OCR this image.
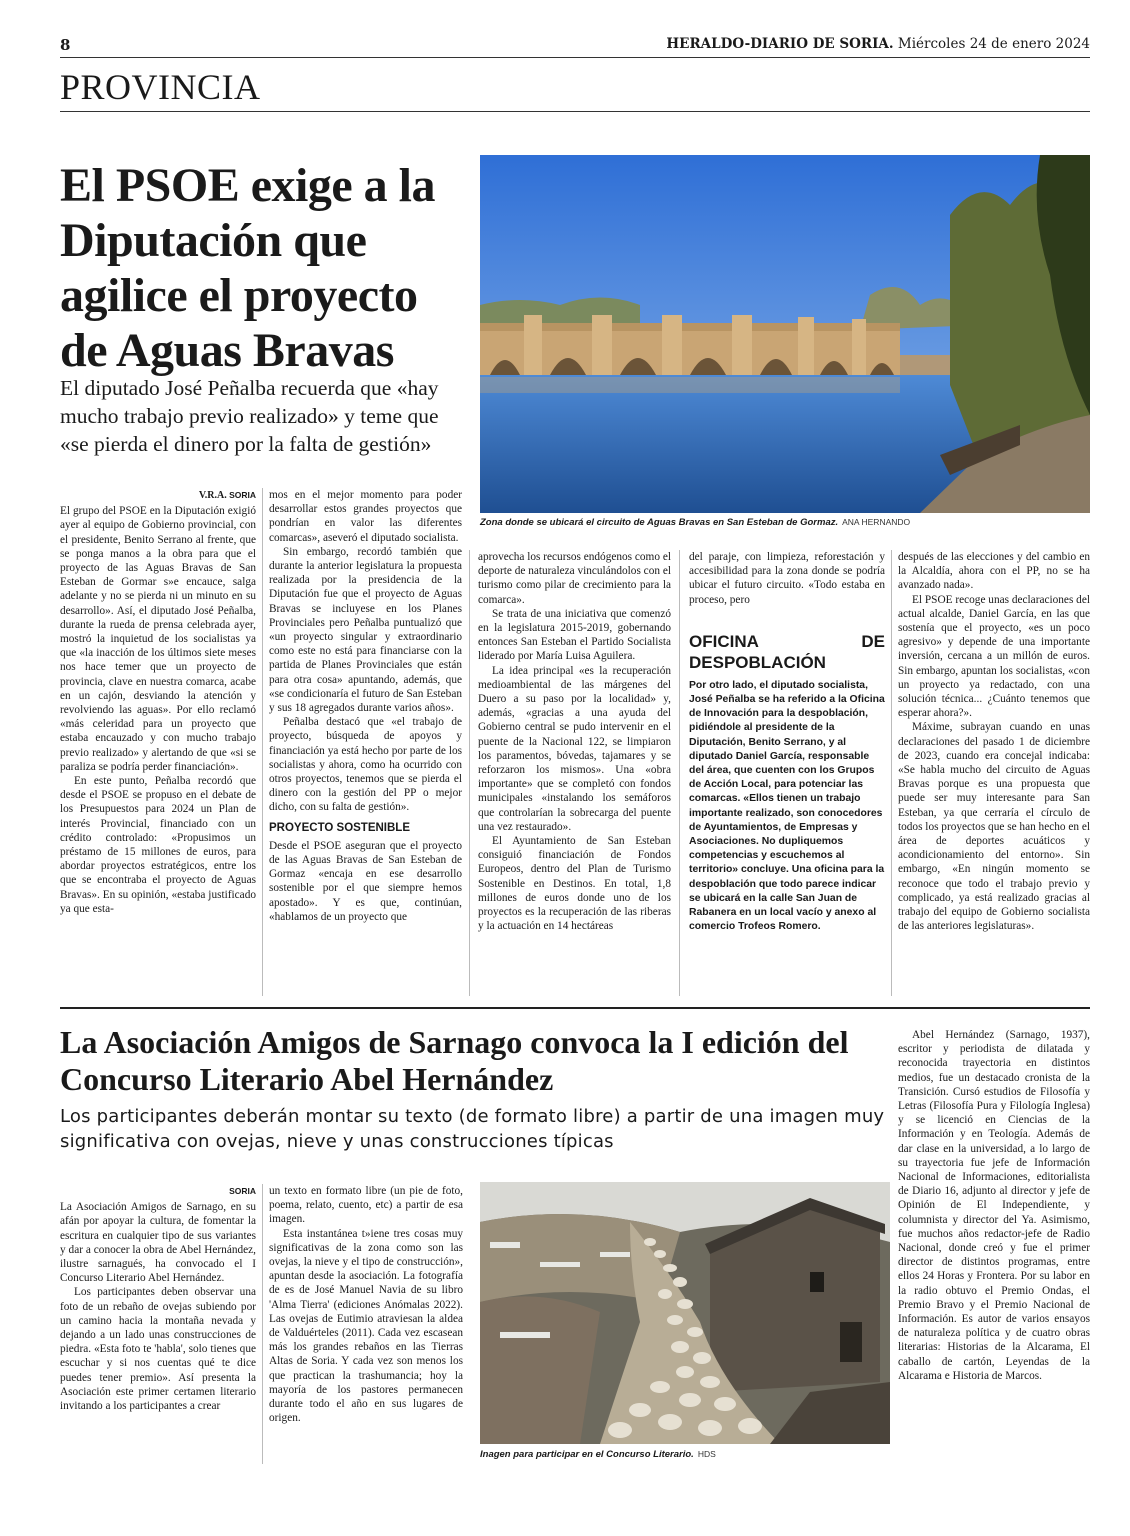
8	HERALDO-DIARIO DE SORIA. Miércoles 24 de enero 2024
PROVINCIA
El PSOE exige a la Diputación que agilice el proyecto de Aguas Bravas
El diputado José Peñalba recuerda que «hay mucho trabajo previo realizado» y teme que «se pierda el dinero por la falta de gestión»
Zona donde se ubicará el circuito de Aguas Bravas en San Esteban de Gormaz. ANA HERNANDO
V.R.A. SORIA

El grupo del PSOE en la Diputación exigió ayer al equipo de Gobierno provincial, con el presidente, Benito Serrano al frente, que se ponga manos a la obra para que el proyecto de las Aguas Bravas de San Esteban de Gormar s»e encauce, salga adelante y no se pierda ni un minuto en su desarrollo». Así, el diputado José Peñalba, durante la rueda de prensa celebrada ayer, mostró la inquietud de los socialistas ya que «la inacción de los últimos siete meses nos hace temer que un proyecto de provincia, clave en nuestra comarca, acabe en un cajón, desviando la atención y revolviendo las aguas». Por ello reclamó «más celeridad para un proyecto que estaba encauzado y con mucho trabajo previo realizado» y alertando de que «si se paraliza se podría perder financiación».

En este punto, Peñalba recordó que desde el PSOE se propuso en el debate de los Presupuestos para 2024 un Plan de interés Provincial, financiado con un crédito controlado: «Propusimos un préstamo de 15 millones de euros, para abordar proyectos estratégicos, entre los que se encontraba el proyecto de Aguas Bravas». En su opinión, «estaba justificado ya que esta-

mos en el mejor momento para poder desarrollar estos grandes proyectos que pondrían en valor las diferentes comarcas», aseveró el diputado socialista.

Sin embargo, recordó también que durante la anterior legislatura la propuesta realizada por la presidencia de la Diputación fue que el proyecto de Aguas Bravas se incluyese en los Planes Provinciales pero Peñalba puntualizó que «un proyecto singular y extraordinario como este no está para financiarse con la partida de Planes Provinciales que están para otra cosa» apuntando, además, que «se condicionaría el futuro de San Esteban y sus 18 agregados durante varios años».

Peñalba destacó que «el trabajo de proyecto, búsqueda de apoyos y financiación ya está hecho por parte de los socialistas y ahora, como ha ocurrido con otros proyectos, tenemos que se pierda el dinero con la gestión del PP o mejor dicho, con su falta de gestión».

PROYECTO SOSTENIBLE

Desde el PSOE aseguran que el proyecto de las Aguas Bravas de San Esteban de Gormaz «encaja en ese desarrollo sostenible por el que siempre hemos apostado». Y es que, continúan, «hablamos de un proyecto que

aprovecha los recursos endógenos como el deporte de naturaleza vinculándolos con el turismo como pilar de crecimiento para la comarca».

Se trata de una iniciativa que comenzó en la legislatura 2015-2019, gobernando entonces San Esteban el Partido Socialista liderado por María Luisa Aguilera.

La idea principal «es la recuperación medioambiental de las márgenes del Duero a su paso por la localidad» y, además, «gracias a una ayuda del Gobierno central se pudo intervenir en el puente de la Nacional 122, se limpiaron los paramentos, bóvedas, tajamares y se reforzaron los mismos». Una «obra importante» que se completó con fondos municipales «instalando los semáforos que controlarían la sobrecarga del puente una vez restaurado».

El Ayuntamiento de San Esteban consiguió financiación de Fondos Europeos, dentro del Plan de Turismo Sostenible en Destinos. En total, 1,8 millones de euros donde uno de los proyectos es la recuperación de las riberas y la actuación en 14 hectáreas

del paraje, con limpieza, reforestación y accesibilidad para la zona donde se podría ubicar el futuro circuito. «Todo estaba en proceso, pero

OFICINA DE DESPOBLACIÓN
Por otro lado, el diputado socialista, José Peñalba se ha referido a la Oficina de Innovación para la despoblación, pidiéndole al presidente de la Diputación, Benito Serrano, y al diputado Daniel García, responsable del área, que cuenten con los Grupos de Acción Local, para potenciar las comarcas. «Ellos tienen un trabajo importante realizado, son conocedores de Ayuntamientos, de Empresas y Asociaciones. No dupliquemos competencias y escuchemos al territorio» concluye. Una oficina para la despoblación que todo parece indicar se ubicará en la calle San Juan de Rabanera en un local vacío y anexo al comercio Trofeos Romero.

después de las elecciones y del cambio en la Alcaldía, ahora con el PP, no se ha avanzado nada».

El PSOE recoge unas declaraciones del actual alcalde, Daniel García, en las que sostenía que el proyecto, «es un poco agresivo» y depende de una importante inversión, cercana a un millón de euros. Sin embargo, apuntan los socialistas, «con un proyecto ya redactado, con una solución técnica... ¿Cuánto tenemos que esperar ahora?».

Máxime, subrayan cuando en unas declaraciones del pasado 1 de diciembre de 2023, cuando era concejal indicaba: «Se habla mucho del circuito de Aguas Bravas porque es una propuesta que puede ser muy interesante para San Esteban, ya que cerraría el círculo de todos los proyectos que se han hecho en el área de deportes acuáticos y acondicionamiento del entorno». Sin embargo, «En ningún momento se reconoce que todo el trabajo previo y complicado, ya está realizado gracias al trabajo del equipo de Gobierno socialista de las anteriores legislaturas».

La Asociación Amigos de Sarnago convoca la I edición del Concurso Literario Abel Hernández
Los participantes deberán montar su texto (de formato libre) a partir de una imagen muy significativa con ovejas, nieve y unas construcciones típicas
SORIA

La Asociación Amigos de Sarnago, en su afán por apoyar la cultura, de fomentar la escritura en cualquier tipo de sus variantes y dar a conocer la obra de Abel Hernández, ilustre sarnagués, ha convocado el I Concurso Literario Abel Hernández.

Los participantes deben observar una foto de un rebaño de ovejas subiendo por un camino hacia la montaña nevada y dejando a un lado unas construcciones de piedra. «Esta foto te 'habla', solo tienes que escuchar y si nos cuentas qué te dice puedes tener premio». Así presenta la Asociación este primer certamen literario invitando a los participantes a crear

un texto en formato libre (un pie de foto, poema, relato, cuento, etc) a partir de esa imagen.

Esta instantánea t»iene tres cosas muy significativas de la zona como son las ovejas, la nieve y el tipo de construcción», apuntan desde la asociación. La fotografía de es de José Manuel Navia de su libro 'Alma Tierra' (ediciones Anómalas 2022). Las ovejas de Eutimio atraviesan la aldea de Valduérteles (2011). Cada vez escasean más los grandes rebaños en las Tierras Altas de Soria. Y cada vez son menos los que practican la trashumancia; hoy la mayoría de los pastores permanecen durante todo el año en sus lugares de origen.

Inagen para participar en el Concurso Literario. HDS

Abel Hernández (Sarnago, 1937), escritor y periodista de dilatada y reconocida trayectoria en distintos medios, fue un destacado cronista de la Transición. Cursó estudios de Filosofía y Letras (Filosofía Pura y Filología Inglesa) y se licenció en Ciencias de la Información y en Teología. Además de dar clase en la universidad, a lo largo de su trayectoria fue jefe de Información Nacional de Informaciones, editorialista de Diario 16, adjunto al director y jefe de Opinión de El Independiente, y columnista y director del Ya. Asimismo, fue muchos años redactor-jefe de Radio Nacional, donde creó y fue el primer director de distintos programas, entre ellos 24 Horas y Frontera. Por su labor en la radio obtuvo el Premio Ondas, el Premio Bravo y el Premio Nacional de Información. Es autor de varios ensayos de naturaleza política y de cuatro obras literarias: Historias de la Alcarama, El caballo de cartón, Leyendas de la Alcarama e Historia de Marcos.
